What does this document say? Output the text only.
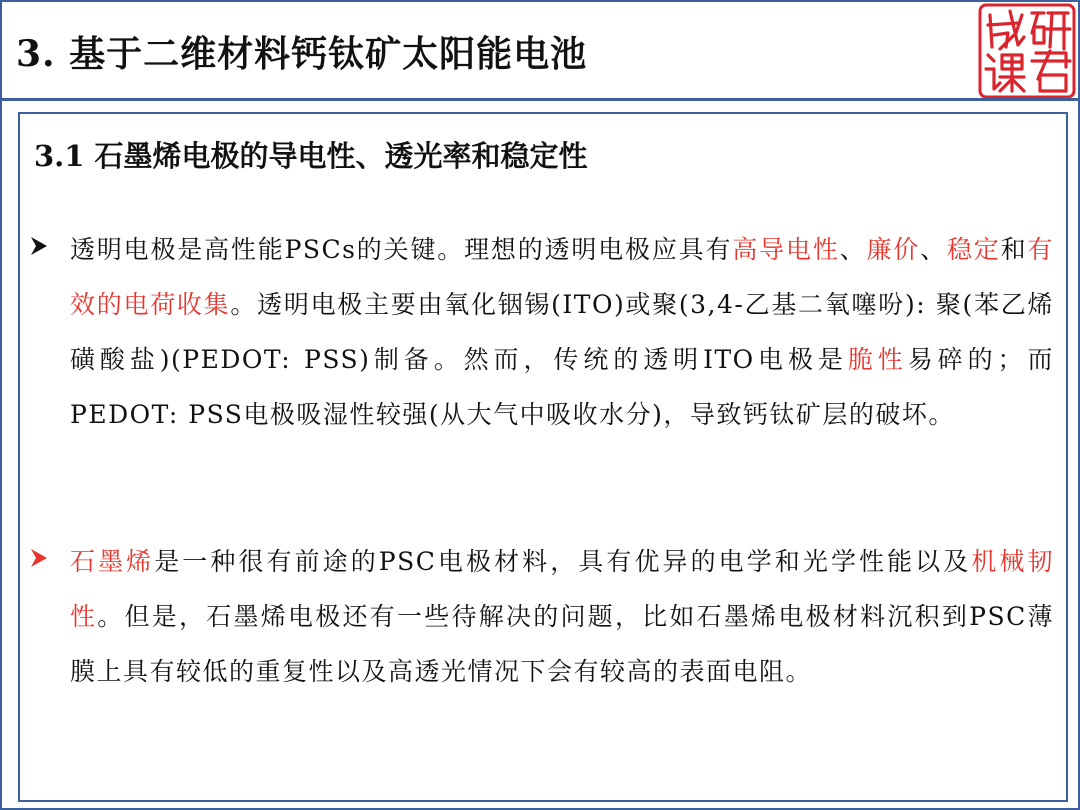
3. 基于二维材料钙钛矿太阳能电池
3.1 石墨烯电极的导电性、透光率和稳定性
透明电极是高性能PSCs的关键。理想的透明电极应具有高导电性、廉价、稳定和有效的电荷收集。透明电极主要由氧化铟锡(ITO)或聚(3,4-乙基二氧噻吩): 聚(苯乙烯磺酸盐)(PEDOT: PSS)制备。然而，传统的透明ITO电极是脆性易碎的；而PEDOT: PSS电极吸湿性较强(从大气中吸收水分)，导致钙钛矿层的破坏。
石墨烯是一种很有前途的PSC电极材料，具有优异的电学和光学性能以及机械韧性。但是，石墨烯电极还有一些待解决的问题，比如石墨烯电极材料沉积到PSC薄膜上具有较低的重复性以及高透光情况下会有较高的表面电阻。
